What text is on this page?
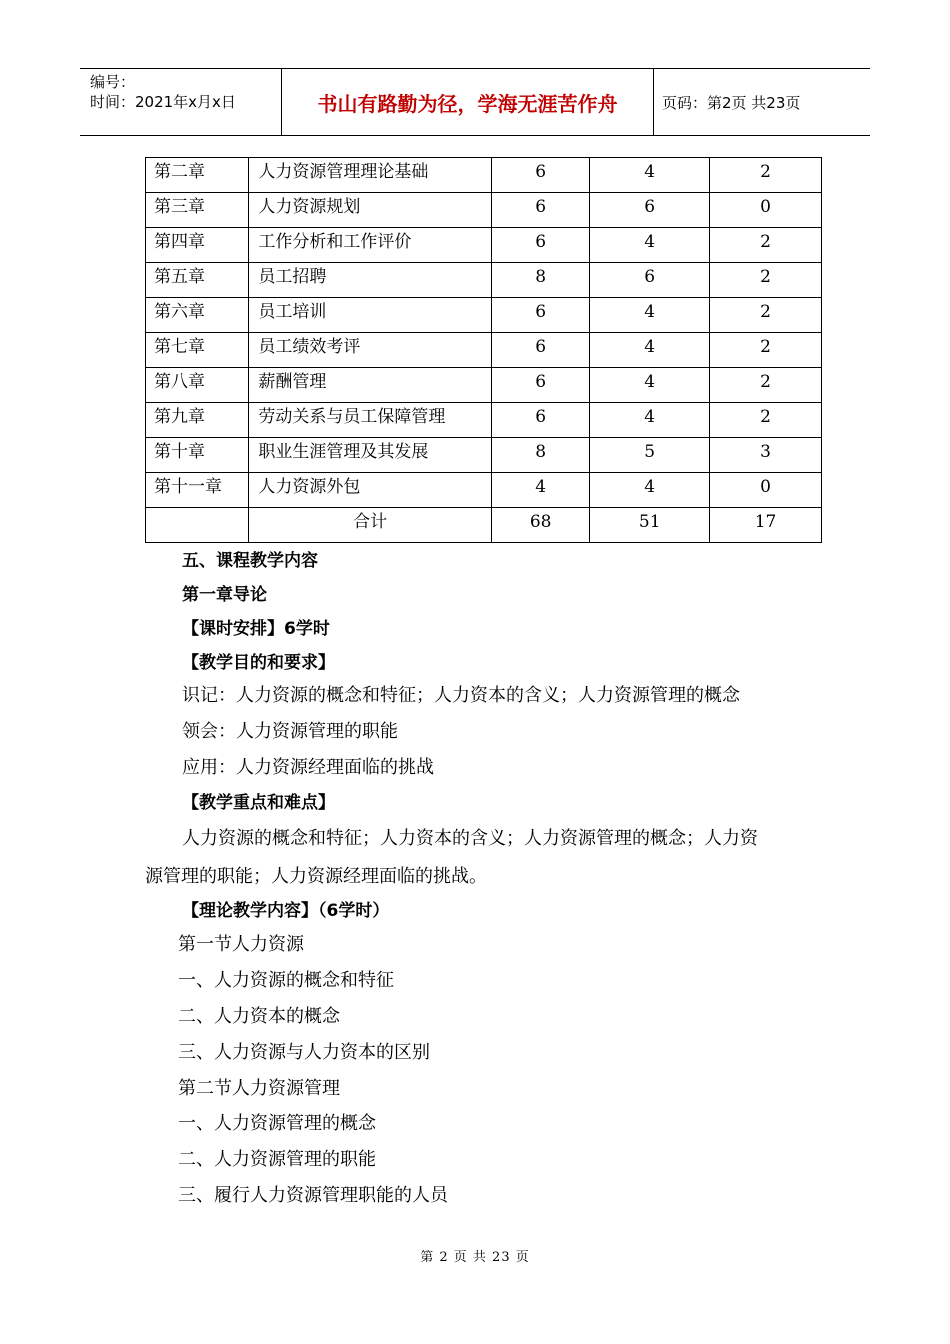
编号：
时间：2021年x月x日	书山有路勤为径，学海无涯苦作舟	页码：第2页 共23页
第二章	人力资源管理理论基础	6	4	2
第三章	人力资源规划	6	6	0
第四章	工作分析和工作评价	6	4	2
第五章	员工招聘	8	6	2
第六章	员工培训	6	4	2
第七章	员工绩效考评	6	4	2
第八章	薪酬管理	6	4	2
第九章	劳动关系与员工保障管理	6	4	2
第十章	职业生涯管理及其发展	8	5	3
第十一章	人力资源外包	4	4	0
	合计	68	51	17
五、课程教学内容
第一章导论
【课时安排】6学时
【教学目的和要求】
识记：人力资源的概念和特征；人力资本的含义；人力资源管理的概念
领会：人力资源管理的职能
应用：人力资源经理面临的挑战
【教学重点和难点】
人力资源的概念和特征；人力资本的含义；人力资源管理的概念；人力资
源管理的职能；人力资源经理面临的挑战。
【理论教学内容】（6学时）
第一节人力资源
一、人力资源的概念和特征
二、人力资本的概念
三、人力资源与人力资本的区别
第二节人力资源管理
一、人力资源管理的概念
二、人力资源管理的职能
三、履行人力资源管理职能的人员
第 2 页 共 23 页
